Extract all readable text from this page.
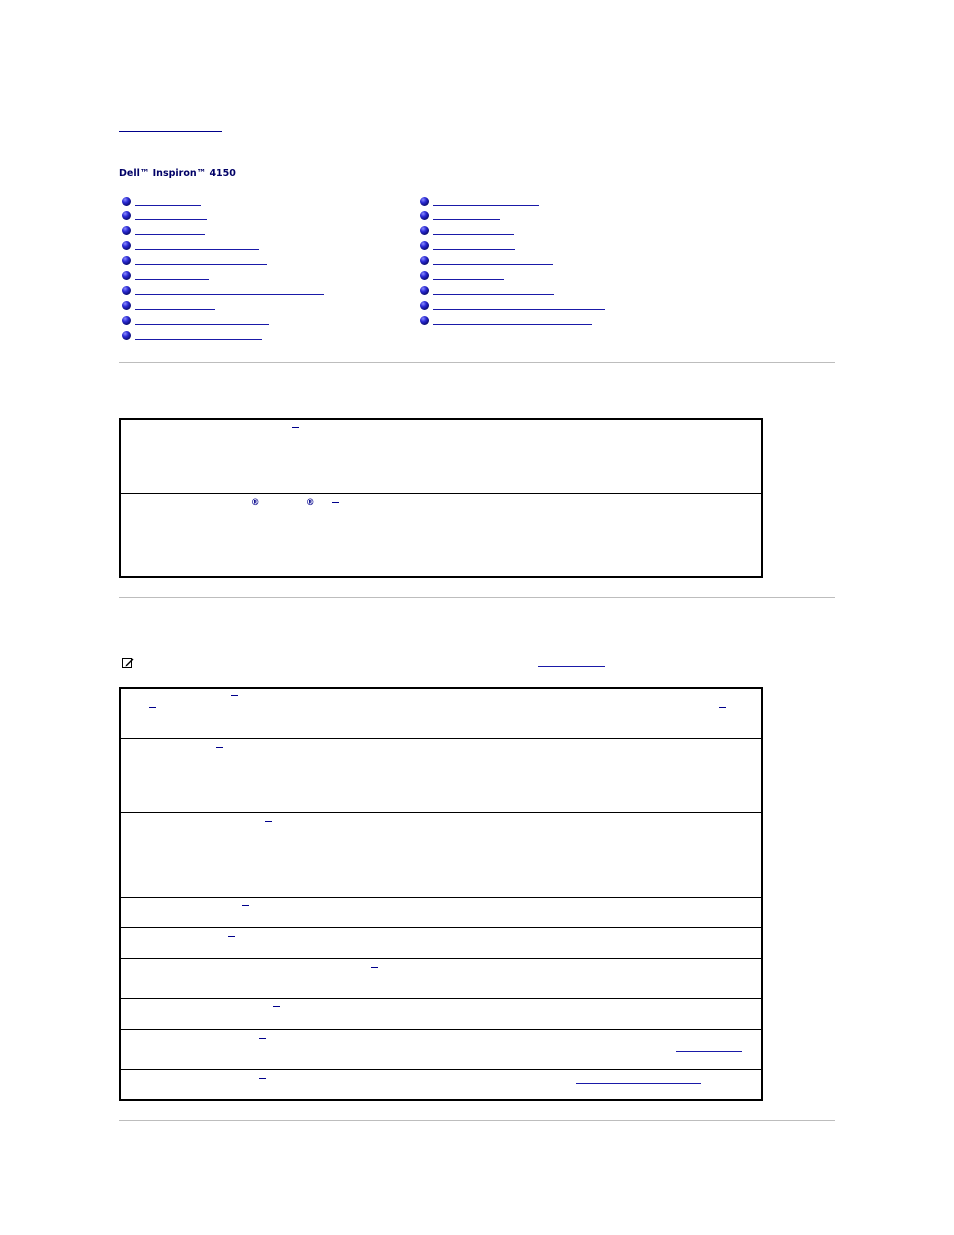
Dell™ Inspiron™ 4150
®	®
